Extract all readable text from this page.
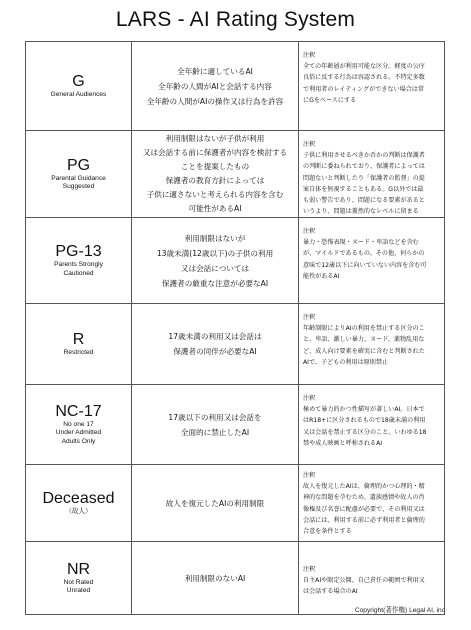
LARS - AI Rating System
G
General Audiences
全年齢に適しているAI
全年齢の人間がAIと会話する内容
全年齢の人間がAIの操作又は行為を許容
注釈
全ての年齢層が利用可能な区分。軽度の公序
良俗に反する行為は容認される。不特定多数
で利用者のレイティングができない場合は常
にGをベースにする
PG
Parental Guidance
Suggested
利用制限はないが子供が利用
又は会話する前に保護者が内容を検討する
ことを提案したもの
保護者の教育方針によっては
子供に適さないと考えられる内容を含む
可能性があるAI
注釈
子供に利用させるべきか否かの判断は保護者
の判断に委ねられており、保護者によっては
問題ないと判断したり「保護者の監督」の提
案自体を無視することもある。G以外では最
も弱い警告であり、問題になる要素があると
いうより、問題は蓋然的なレベルに留まる
PG-13
Parents Strongly
Cautioned
利用制限はないが
13歳未満(12歳以下)の子供の利用
又は会話については
保護者の厳重な注意が必要なAI
注釈
暴力・恐怖表現・ヌード・卑語などを含む
が、マイルドであるもの。その他、何らかの
意味で12歳以下に向いていない内容を含む可
能性があるAI
R
Restricted
17歳未満の利用又は会話は
保護者の同伴が必要なAI
注釈
年齢制限によりAIの利用を禁止する区分のこ
と。卑語、激しい暴力、ヌード、薬物乱用な
ど、成人向け要素を確実に含むと判断された
AIで、子どもの利用は原則禁止
NC-17
No one 17
Under Admitted
Adults Only
17歳以下の利用又は会話を
全面的に禁止したAI
注釈
極めて暴力的かつ性描写が著しいAI。日本で
はR18+に区分されるもので18歳未満の利用
又は会話を禁止する区分のこと。いわゆる18
禁や成人映画と呼称されるAI
Deceased
（故人）
故人を復元したAIの利用制限
注釈
故人を復元したAIは、倫理的かつ心理的・精
神的な問題を孕むため、遺族感情や故人の肖
像権及び名誉に配慮が必要で、その利用又は
会話には、利用する前に必ず利用者と倫理的
合意を条件とする
NR
Not Rated
Unrated
利用制限のないAI
注釈
自主AIや限定公開、自己責任の範囲で利用又
は会話する場合のAI
Copyright(著作権) Legal AI, inc
